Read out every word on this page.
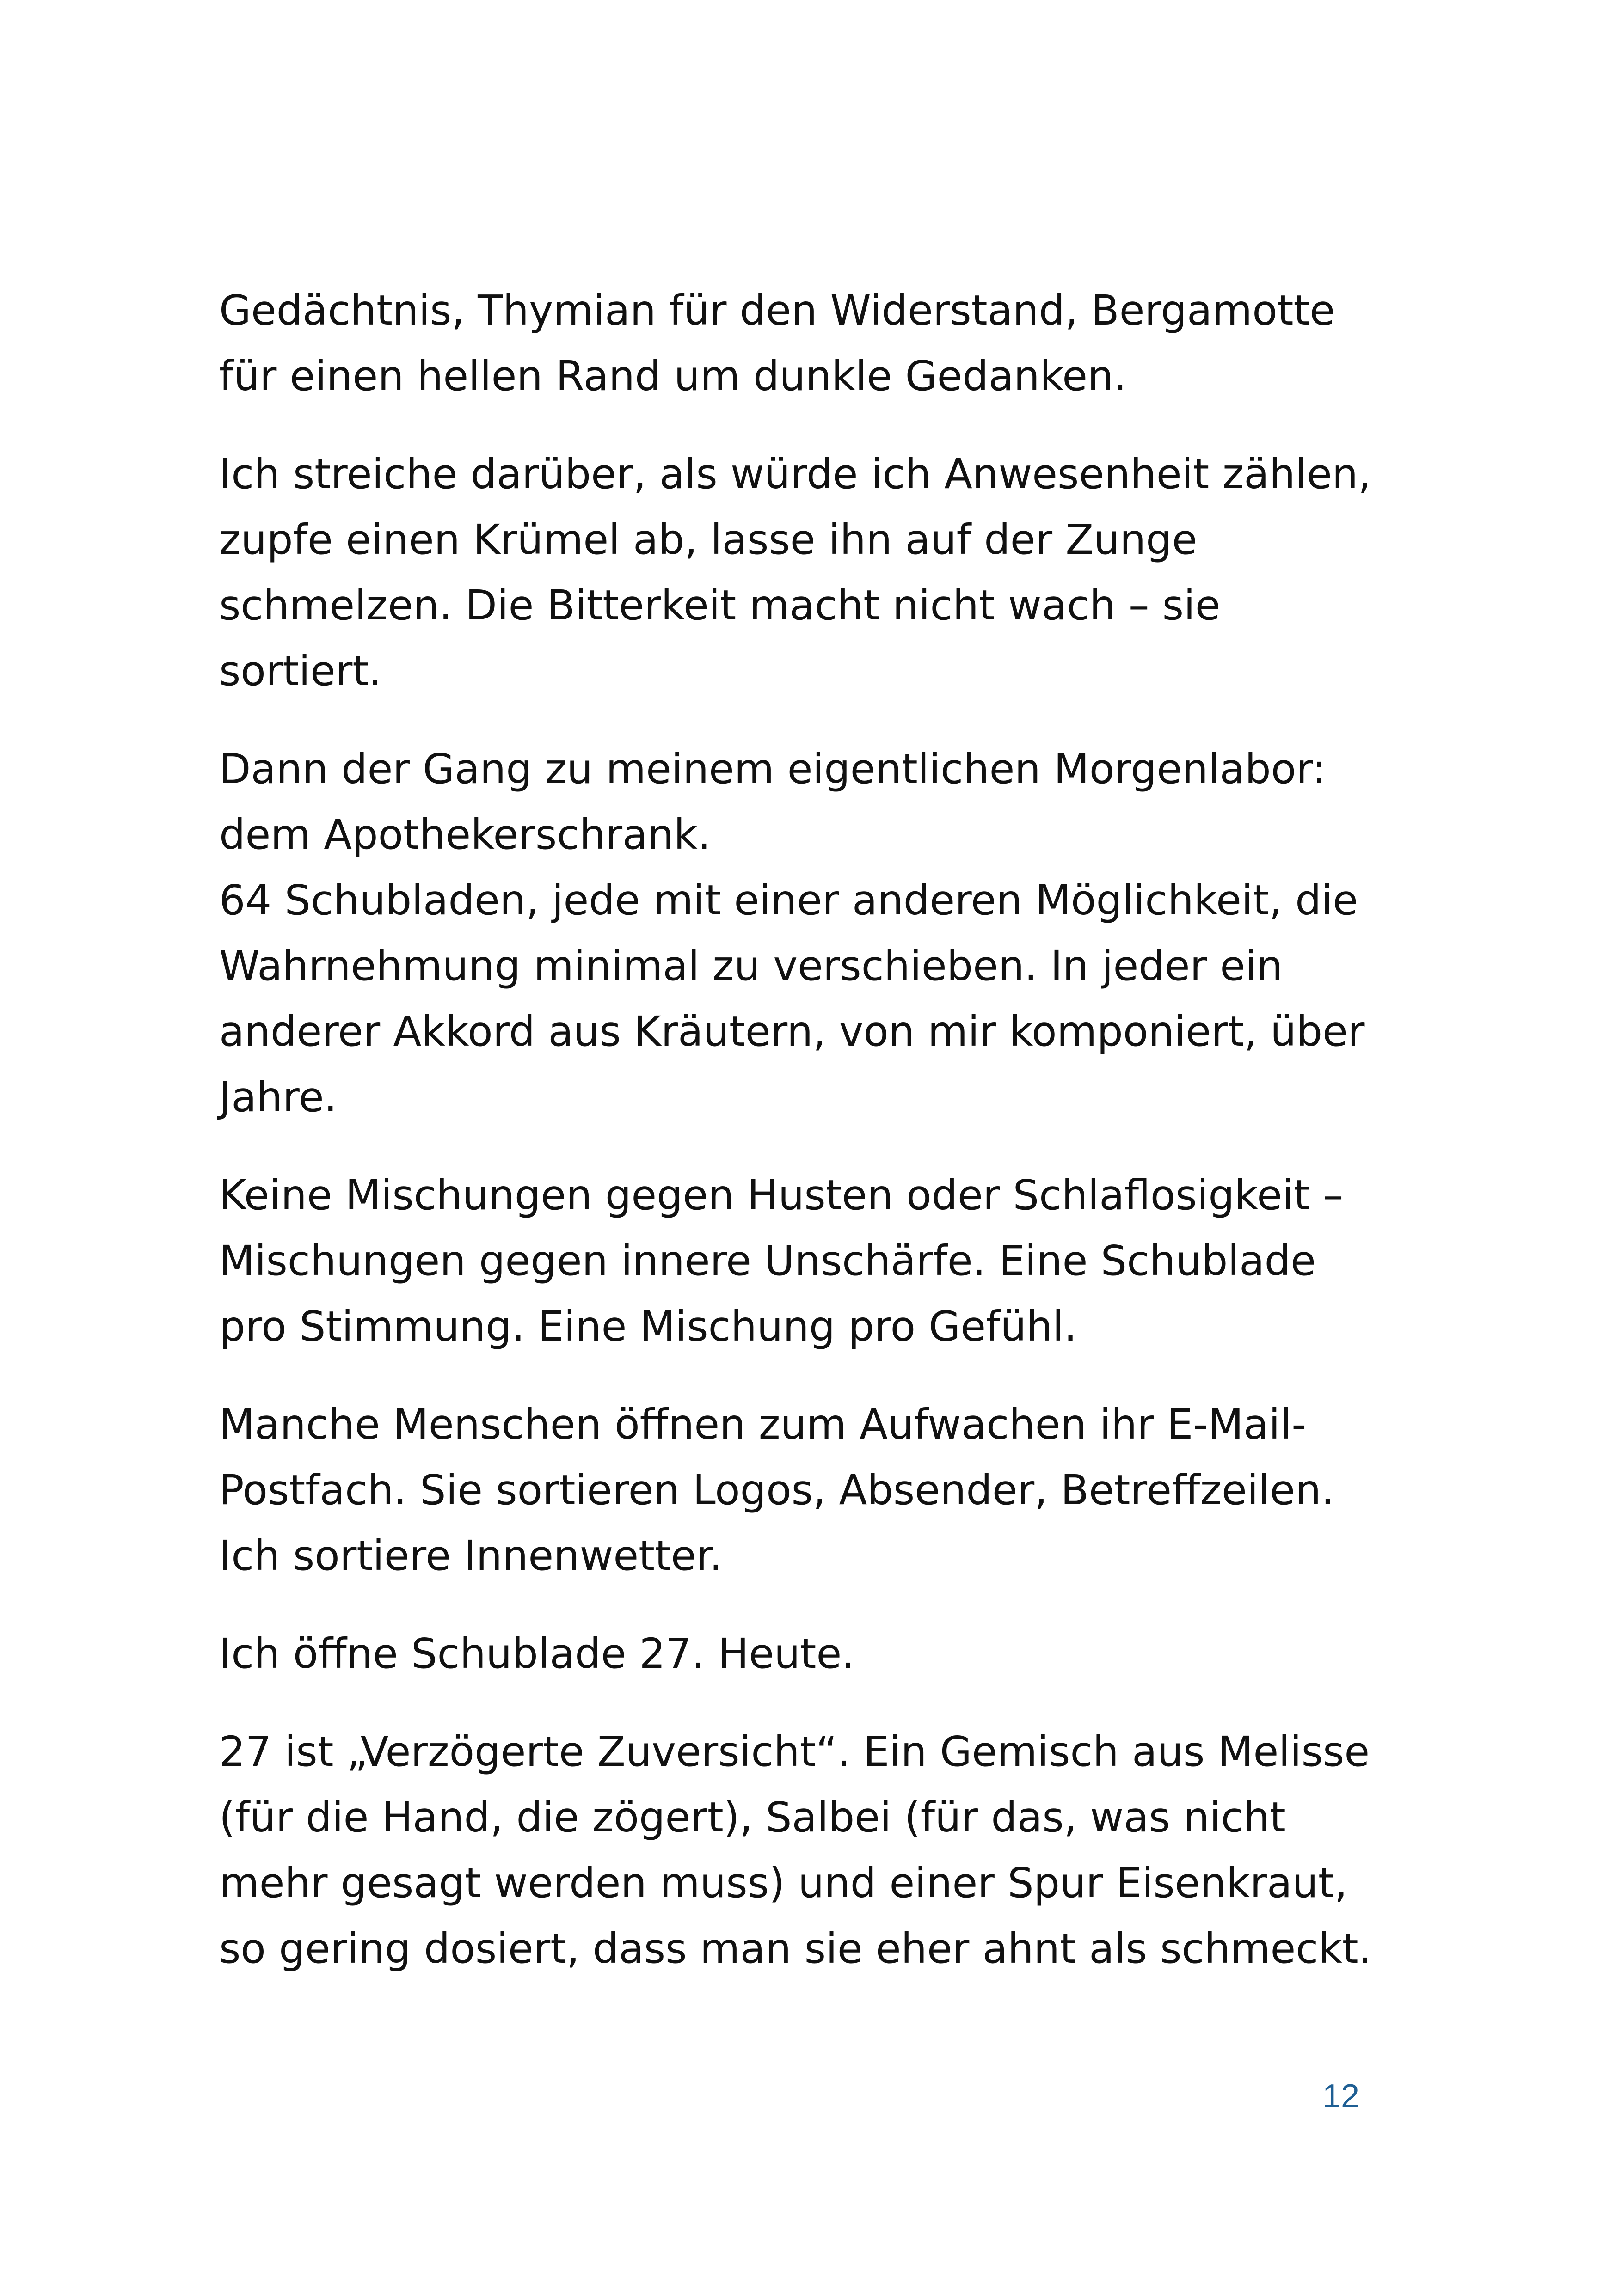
Gedächtnis, Thymian für den Widerstand, Bergamotte
für einen hellen Rand um dunkle Gedanken.

Ich streiche darüber, als würde ich Anwesenheit zählen,
zupfe einen Krümel ab, lasse ihn auf der Zunge
schmelzen. Die Bitterkeit macht nicht wach – sie
sortiert.

Dann der Gang zu meinem eigentlichen Morgenlabor:
dem Apothekerschrank.
64 Schubladen, jede mit einer anderen Möglichkeit, die
Wahrnehmung minimal zu verschieben. In jeder ein
anderer Akkord aus Kräutern, von mir komponiert, über
Jahre.

Keine Mischungen gegen Husten oder Schlaflosigkeit –
Mischungen gegen innere Unschärfe. Eine Schublade
pro Stimmung. Eine Mischung pro Gefühl.

Manche Menschen öffnen zum Aufwachen ihr E-Mail-
Postfach. Sie sortieren Logos, Absender, Betreffzeilen.
Ich sortiere Innenwetter.

Ich öffne Schublade 27. Heute.

27 ist „Verzögerte Zuversicht“. Ein Gemisch aus Melisse
(für die Hand, die zögert), Salbei (für das, was nicht
mehr gesagt werden muss) und einer Spur Eisenkraut,
so gering dosiert, dass man sie eher ahnt als schmeckt.

12
